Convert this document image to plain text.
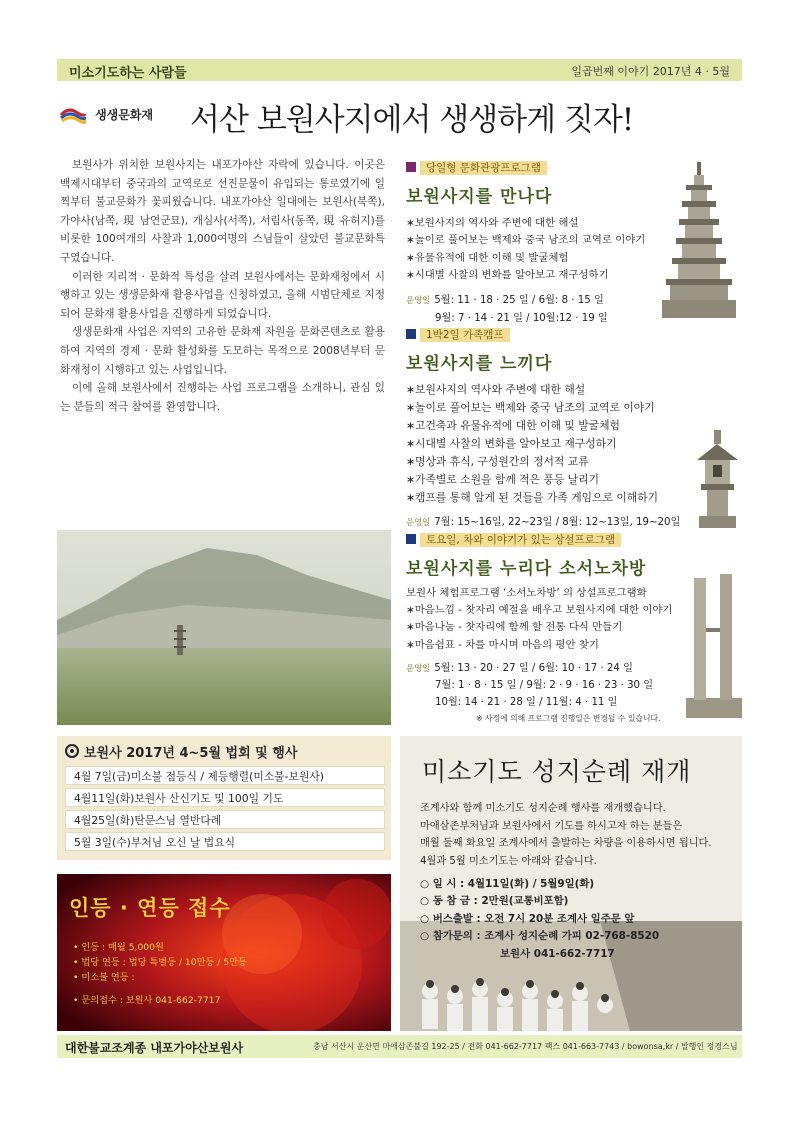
미소기도하는 사람들	일곱번째 이야기 2017년 4 · 5월
생생문화재 서산 보원사지에서 생생하게 짓자!

보원사가 위치한 보원사지는 내포가야산 자락에 있습니다. 이곳은 백제시대부터 중국과의 교역로로 선진문물이 유입되는 통로였기에 일찍부터 불교문화가 꽃피웠습니다. 내포가야산 일대에는 보원사(북쪽), 가야사(남쪽, 現 남연군묘), 개심사(서쪽), 서림사(동쪽, 現 유허지)를 비롯한 100여개의 사찰과 1,000여명의 스님들이 살았던 불교문화특구였습니다.

이러한 지리적 · 문화적 특성을 살려 보원사에서는 문화재청에서 시행하고 있는 생생문화재 활용사업을 신청하였고, 올해 시범단체로 지정되어 문화재 활용사업을 진행하게 되었습니다.

생생문화재 사업은 지역의 고유한 문화재 자원을 문화콘텐츠로 활용하여 지역의 경제 · 문화 활성화를 도모하는 목적으로 2008년부터 문화재청이 시행하고 있는 사업입니다.

이에 올해 보원사에서 진행하는 사업 프로그램을 소개하니, 관심 있는 분들의 적극 참여를 환영합니다.

당일형 문화관광프로그램
보원사지를 만나다
∗보원사지의 역사와 주변에 대한 해설
∗놀이로 풀어보는 백제와 중국 남조의 교역로 이야기
∗유물유적에 대한 이해 및 발굴체험
∗시대별 사찰의 변화를 알아보고 재구성하기
운영일 5월: 11 · 18 · 25 일 / 6월: 8 · 15 일
9월: 7 · 14 · 21 일 / 10월:12 · 19 일
1박2일 가족캠프
보원사지를 느끼다
∗보원사지의 역사와 주변에 대한 해설
∗놀이로 풀어보는 백제와 중국 남조의 교역로 이야기
∗고건축과 유물유적에 대한 이해 및 발굴체험
∗시대별 사찰의 변화를 알아보고 재구성하기
∗명상과 휴식, 구성원간의 정서적 교류
∗가족별로 소원을 함께 적은 풍등 날리기
∗캠프를 통해 알게 된 것들을 가족 게임으로 이해하기
운영일 7월: 15~16일, 22~23일 / 8월: 12~13일, 19~20일
토요일, 차와 이야기가 있는 상설프로그램
보원사지를 누리다 소서노차방
보원사 체험프로그램 ‘소서노차방’ 의 상설프로그램화
∗마음느낌 - 찻자리 예절을 배우고 보원사지에 대한 이야기
∗마음나눔 - 찻자리에 함께 할 전통 다식 만들기
∗마음쉼표 - 차를 마시며 마음의 평안 찾기
운영일 5월: 13 · 20 · 27 일 / 6월: 10 · 17 · 24 일
7월: 1 · 8 · 15 일 / 9월: 2 · 9 · 16 · 23 · 30 일
10월: 14 · 21 · 28 일 / 11월: 4 · 11 일
※ 사정에 의해 프로그램 진행일은 변경될 수 있습니다.
보원사 2017년 4~5월 법회 및 행사
4월 7일(금)미소불 점등식 / 제등행렬(미소불-보원사)
4월11일(화)보원사 산신기도 및 100일 기도
4월25일(화)탄문스님 열반다례
5월 3일(수)부처님 오신 날 법요식
인등 · 연등 접수
• 인등 : 매월 5,000원
• 법당 연등 : 법당 특별등 / 10만등 / 5만등
• 미소불 연등 :
• 문의접수 : 보원사 041-662-7717
미소기도 성지순례 재개
조계사와 함께 미소기도 성지순례 행사를 재개했습니다.
마애삼존부처님과 보원사에서 기도를 하시고자 하는 분들은
매월 둘째 화요일 조계사에서 출발하는 차량을 이용하시면 됩니다.
4월과 5월 미소기도는 아래와 같습니다.
○ 일 시 : 4월11일(화) / 5월9일(화)
○ 동 참 금 : 2만원(교통비포함)
○ 버스출발 : 오전 7시 20분 조계사 일주문 앞
○ 참가문의 : 조계사 성지순례 가피 02-768-8520
보원사 041-662-7717
대한불교조계종 내포가야산보원사	충남 서산시 운산면 마애삼존불길 192-25 / 전화 041-662-7717 팩스 041-663-7743 / bowonsa,kr / 발행인 정경스님
